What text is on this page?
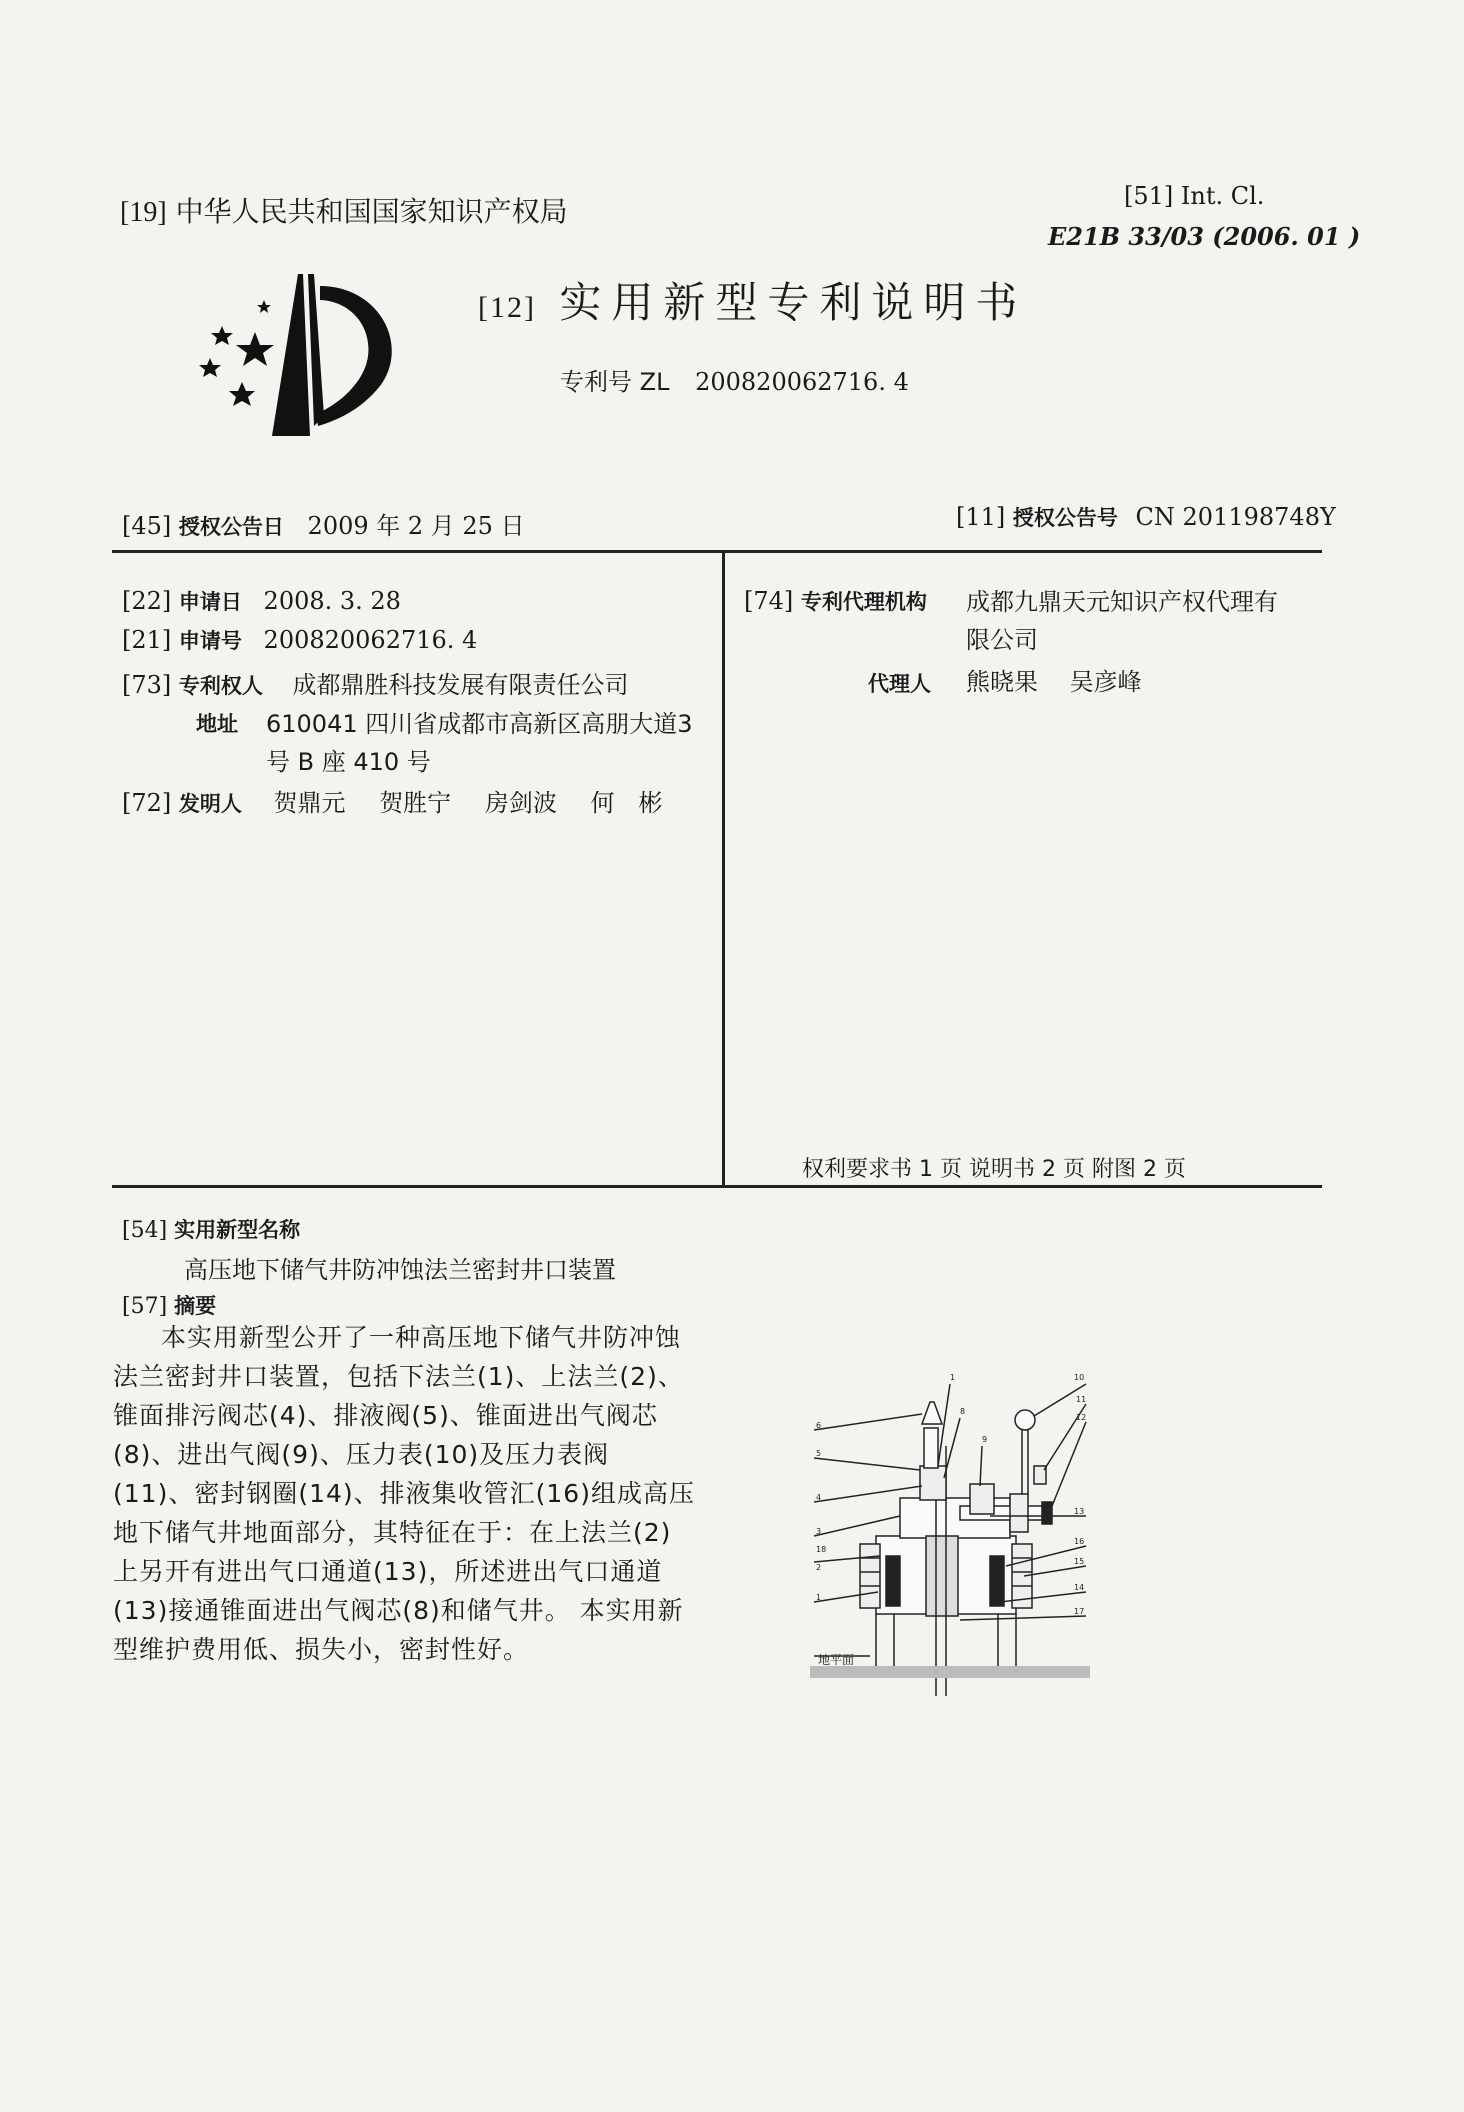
[19] 中华人民共和国国家知识产权局	[51] Int. Cl.
E21B 33/03 (2006. 01 )
[12] 实用新型专利说明书
专利号 ZL 200820062716. 4
[45] 授权公告日 2009 年 2 月 25 日	[11] 授权公告号 CN 201198748Y
[22] 申请日 2008. 3. 28
[21] 申请号 200820062716. 4
[73] 专利权人 成都鼎胜科技发展有限责任公司
地址 610041 四川省成都市高新区高朋大道3
号 B 座 410 号
[72] 发明人 贺鼎元 贺胜宁 房剑波 何　彬
[74] 专利代理机构 成都九鼎天元知识产权代理有
限公司
代理人 熊晓果 吴彦峰
权利要求书 1 页 说明书 2 页 附图 2 页
[54] 实用新型名称
高压地下储气井防冲蚀法兰密封井口装置
[57] 摘要
本实用新型公开了一种高压地下储气井防冲蚀
法兰密封井口装置，包括下法兰(1)、上法兰(2)、
锥面排污阀芯(4)、排液阀(5)、锥面进出气阀芯
(8)、进出气阀(9)、压力表(10)及压力表阀
(11)、密封钢圈(14)、排液集收管汇(16)组成高压
地下储气井地面部分，其特征在于：在上法兰(2)
上另开有进出气口通道(13)，所述进出气口通道
(13)接通锥面进出气阀芯(8)和储气井。 本实用新
型维护费用低、损失小，密封性好。
6
5
4
3
18
2
1
1
8
9
10
11
12
13
16
15
14
17
地平面
